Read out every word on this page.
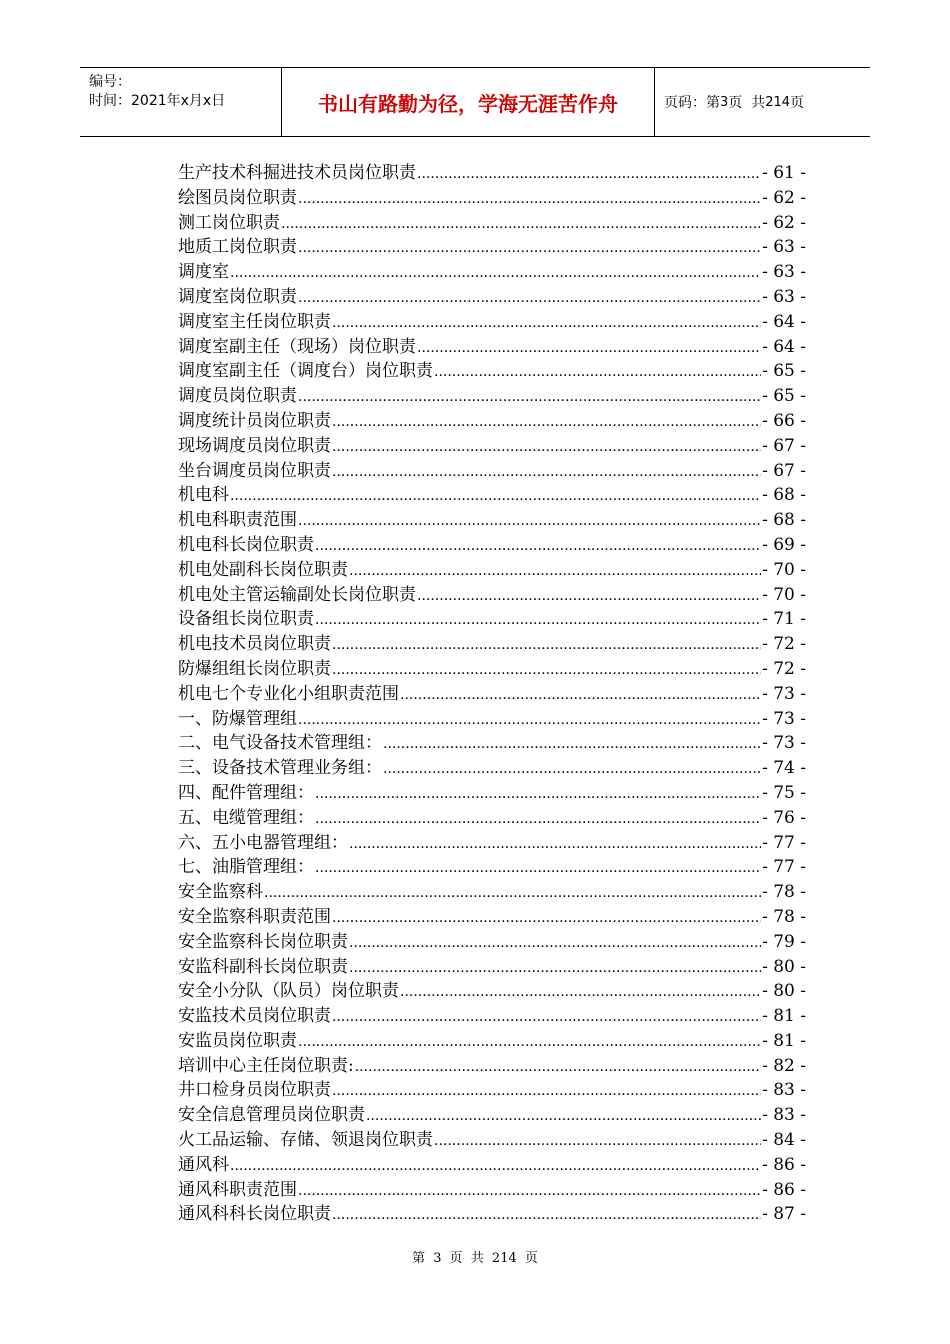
编号：
时间：2021年x月x日	书山有路勤为径，学海无涯苦作舟	页码：第 3 页  共 214 页
生产技术科掘进技术员岗位职责 .....	- 61 -
绘图员岗位职责 .....	- 62 -
测工岗位职责 .....	- 62 -
地质工岗位职责 .....	- 63 -
调度室 .....	- 63 -
调度室岗位职责 .....	- 63 -
调度室主任岗位职责 .....	- 64 -
调度室副主任（现场）岗位职责 .....	- 64 -
调度室副主任（调度台）岗位职责 .....	- 65 -
调度员岗位职责 .....	- 65 -
调度统计员岗位职责 .....	- 66 -
现场调度员岗位职责 .....	- 67 -
坐台调度员岗位职责 .....	- 67 -
机电科 .....	- 68 -
机电科职责范围 .....	- 68 -
机电科长岗位职责 .....	- 69 -
机电处副科长岗位职责 .....	- 70 -
机电处主管运输副处长岗位职责 .....	- 70 -
设备组长岗位职责 .....	- 71 -
机电技术员岗位职责 .....	- 72 -
防爆组组长岗位职责 .....	- 72 -
机电七个专业化小组职责范围 .....	- 73 -
一、防爆管理组 .....	- 73 -
二、电气设备技术管理组： .....	- 73 -
三、设备技术管理业务组： .....	- 74 -
四、配件管理组： .....	- 75 -
五、电缆管理组： .....	- 76 -
六、五小电器管理组： .....	- 77 -
七、油脂管理组： .....	- 77 -
安全监察科 .....	- 78 -
安全监察科职责范围 .....	- 78 -
安全监察科长岗位职责 .....	- 79 -
安监科副科长岗位职责 .....	- 80 -
安全小分队（队员）岗位职责 .....	- 80 -
安监技术员岗位职责 .....	- 81 -
安监员岗位职责 .....	- 81 -
培训中心主任岗位职责: .....	- 82 -
井口检身员岗位职责 .....	- 83 -
安全信息管理员岗位职责 .....	- 83 -
火工品运输、存储、领退岗位职责 .....	- 84 -
通风科 .....	- 86 -
通风科职责范围 .....	- 86 -
通风科科长岗位职责 .....	- 87 -
第 3 页 共 214 页
